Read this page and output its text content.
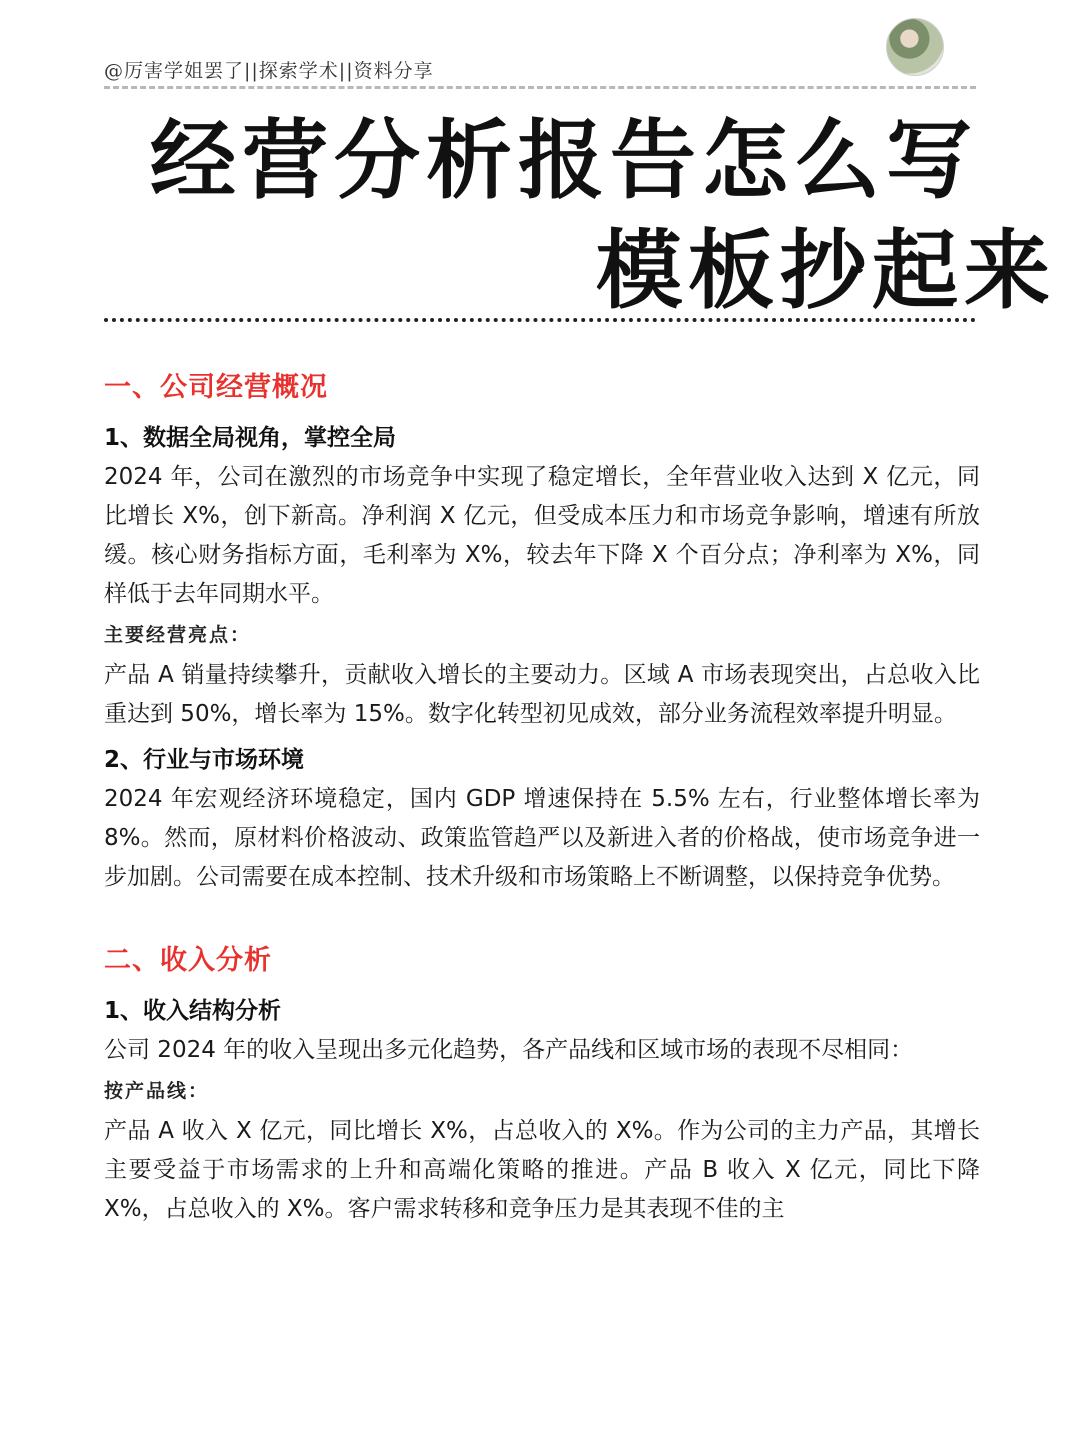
@厉害学姐罢了||探索学术||资料分享
经营分析报告怎么写
模板抄起来

一、公司经营概况

1、数据全局视角，掌控全局

2024 年，公司在激烈的市场竞争中实现了稳定增长，全年营业收入达到 X 亿元，同比增长 X%，创下新高。净利润 X 亿元，但受成本压力和市场竞争影响，增速有所放缓。核心财务指标方面，毛利率为 X%，较去年下降 X 个百分点；净利率为 X%，同样低于去年同期水平。

主要经营亮点：

产品 A 销量持续攀升，贡献收入增长的主要动力。区域 A 市场表现突出，占总收入比重达到 50%，增长率为 15%。数字化转型初见成效，部分业务流程效率提升明显。

2、行业与市场环境

2024 年宏观经济环境稳定，国内 GDP 增速保持在 5.5% 左右，行业整体增长率为 8%。然而，原材料价格波动、政策监管趋严以及新进入者的价格战，使市场竞争进一步加剧。公司需要在成本控制、技术升级和市场策略上不断调整，以保持竞争优势。

二、收入分析

1、收入结构分析

公司 2024 年的收入呈现出多元化趋势，各产品线和区域市场的表现不尽相同：

按产品线：

产品 A 收入 X 亿元，同比增长 X%，占总收入的 X%。作为公司的主力产品，其增长主要受益于市场需求的上升和高端化策略的推进。产品 B 收入 X 亿元，同比下降 X%，占总收入的 X%。客户需求转移和竞争压力是其表现不佳的主
